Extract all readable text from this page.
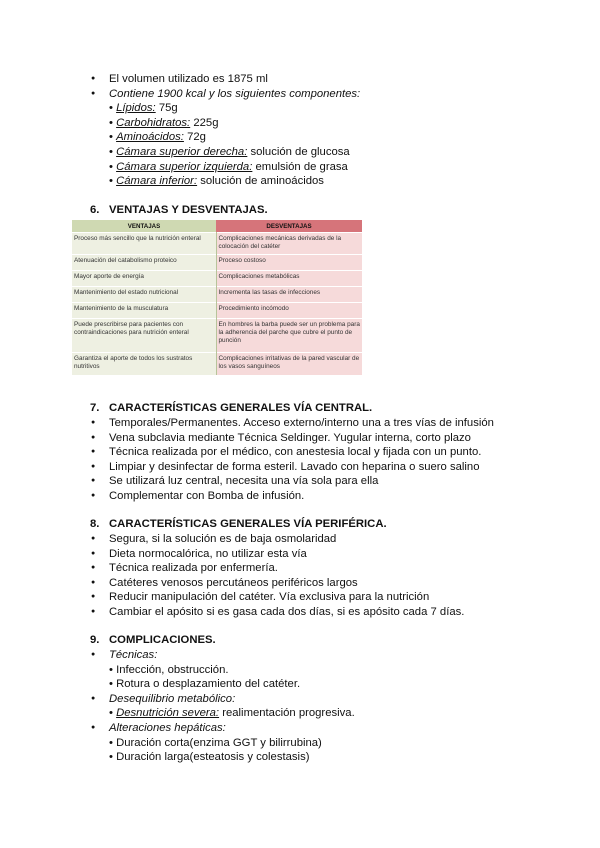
● El volumen utilizado es 1875 ml
● Contiene 1900 kcal y los siguientes componentes:
• Lípidos: 75g
• Carbohidratos: 225g
• Aminoácidos: 72g
• Cámara superior derecha: solución de glucosa
• Cámara superior izquierda: emulsión de grasa
• Cámara inferior: solución de aminoácidos
6. VENTAJAS Y DESVENTAJAS.
VENTAJAS	DESVENTAJAS
Proceso más sencillo que la nutrición enteral	Complicaciones mecánicas derivadas de la colocación del catéter
Atenuación del catabolismo proteico	Proceso costoso
Mayor aporte de energía	Complicaciones metabólicas
Mantenimiento del estado nutricional	Incrementa las tasas de infecciones
Mantenimiento de la musculatura	Procedimiento incómodo
Puede prescribirse para pacientes con contraindicaciones para nutrición enteral	En hombres la barba puede ser un problema para la adherencia del parche que cubre el punto de punción
Garantiza el aporte de todos los sustratos nutritivos	Complicaciones irritativas de la pared vascular de los vasos sanguíneos
7. CARACTERÍSTICAS GENERALES VÍA CENTRAL.
● Temporales/Permanentes. Acceso externo/interno una a tres vías de infusión
● Vena subclavia mediante Técnica Seldinger. Yugular interna, corto plazo
● Técnica realizada por el médico, con anestesia local y fijada con un punto.
● Limpiar y desinfectar de forma esteril. Lavado con heparina o suero salino
● Se utilizará luz central, necesita una vía sola para ella
● Complementar con Bomba de infusión.
8. CARACTERÍSTICAS GENERALES VÍA PERIFÉRICA.
● Segura, si la solución es de baja osmolaridad
● Dieta normocalórica, no utilizar esta vía
● Técnica realizada por enfermería.
● Catéteres venosos percutáneos periféricos largos
● Reducir manipulación del catéter. Vía exclusiva para la nutrición
● Cambiar el apósito si es gasa cada dos días, si es apósito cada 7 días.
9. COMPLICACIONES.
● Técnicas:
• Infección, obstrucción.
• Rotura o desplazamiento del catéter.
● Desequilibrio metabólico:
• Desnutrición severa: realimentación progresiva.
● Alteraciones hepáticas:
• Duración corta(enzima GGT y bilirrubina)
• Duración larga(esteatosis y colestasis)
